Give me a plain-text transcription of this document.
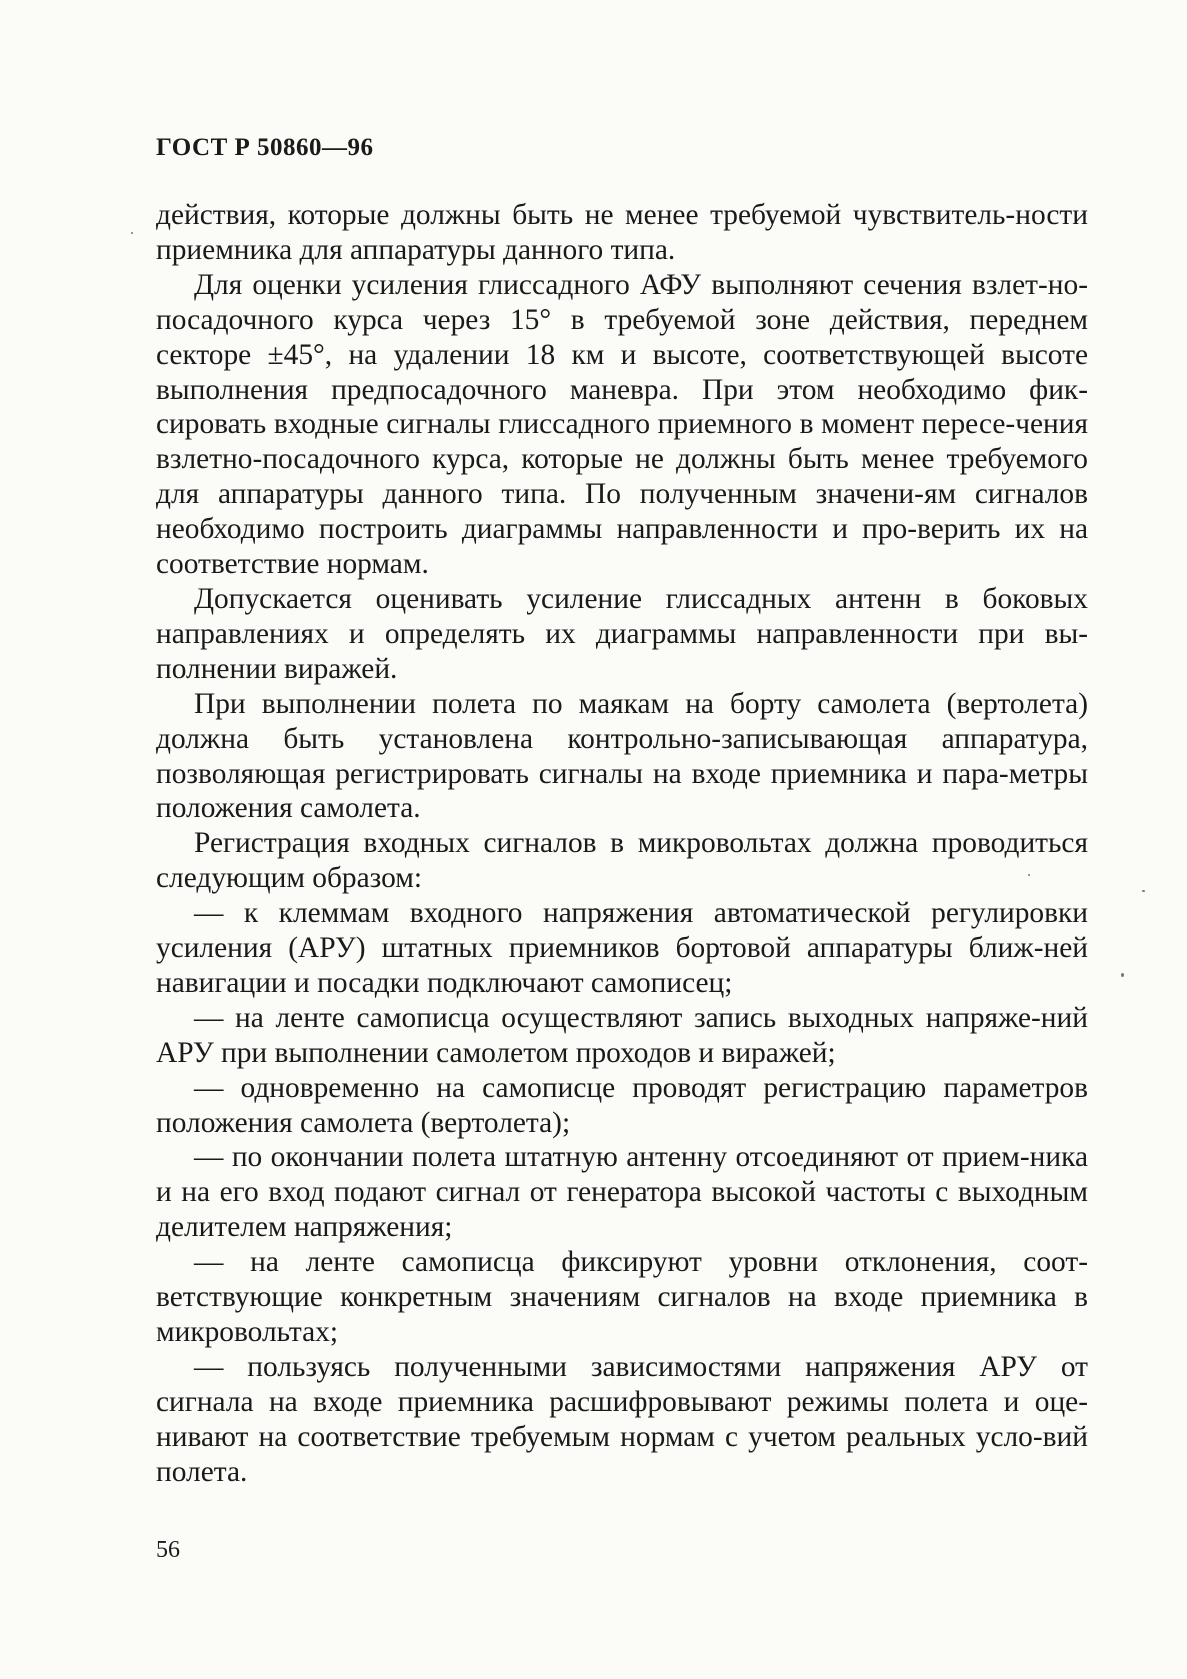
ГОСТ Р 50860—96

действия, которые должны быть не менее требуемой чувствитель-ности приемника для аппаратуры данного типа.

Для оценки усиления глиссадного АФУ выполняют сечения взлет-но-посадочного курса через 15° в требуемой зоне действия, переднем секторе ±45°, на удалении 18 км и высоте, соответствующей высоте выполнения предпосадочного маневра. При этом необходимо фик-сировать входные сигналы глиссадного приемного в момент пересе-чения взлетно-посадочного курса, которые не должны быть менее требуемого для аппаратуры данного типа. По полученным значени-ям сигналов необходимо построить диаграммы направленности и про-верить их на соответствие нормам.

Допускается оценивать усиление глиссадных антенн в боковых направлениях и определять их диаграммы направленности при вы-полнении виражей.

При выполнении полета по маякам на борту самолета (вертолета) должна быть установлена контрольно-записывающая аппаратура, позволяющая регистрировать сигналы на входе приемника и пара-метры положения самолета.

Регистрация входных сигналов в микровольтах должна проводиться следующим образом:

— к клеммам входного напряжения автоматической регулировки усиления (АРУ) штатных приемников бортовой аппаратуры ближ-ней навигации и посадки подключают самописец;

— на ленте самописца осуществляют запись выходных напряже-ний АРУ при выполнении самолетом проходов и виражей;

— одновременно на самописце проводят регистрацию параметров положения самолета (вертолета);

— по окончании полета штатную антенну отсоединяют от прием-ника и на его вход подают сигнал от генератора высокой частоты с выходным делителем напряжения;

— на ленте самописца фиксируют уровни отклонения, соот-ветствующие конкретным значениям сигналов на входе приемника в микровольтах;

— пользуясь полученными зависимостями напряжения АРУ от сигнала на входе приемника расшифровывают режимы полета и оце-нивают на соответствие требуемым нормам с учетом реальных усло-вий полета.

56
